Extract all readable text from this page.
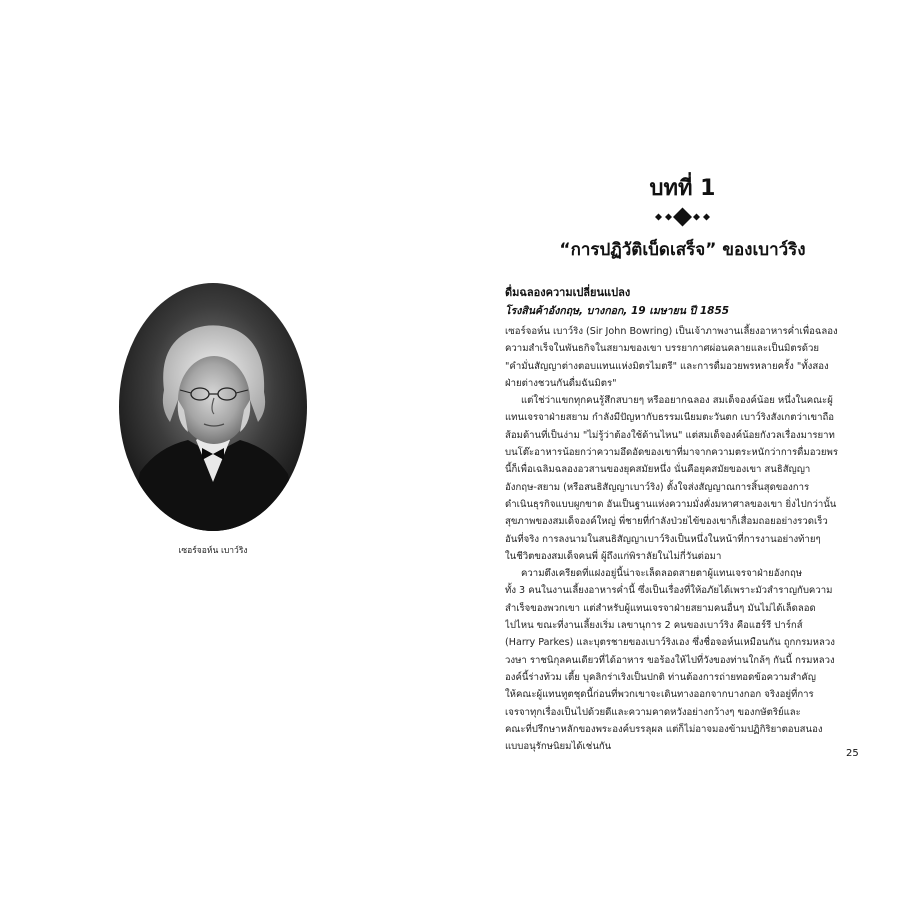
เซอร์จอห์น เบาว์ริง
บทที่ 1
“การปฏิวัติเบ็ดเสร็จ” ของเบาว์ริง
ดื่มฉลองความเปลี่ยนแปลง
โรงสินค้าอังกฤษ, บางกอก, 19 เมษายน ปี 1855
เซอร์จอห์น เบาว์ริง (Sir John Bowring) เป็นเจ้าภาพงานเลี้ยงอาหารค่ำเพื่อฉลอง
ความสำเร็จในพันธกิจในสยามของเขา บรรยากาศผ่อนคลายและเป็นมิตรด้วย
"คำมั่นสัญญาต่างตอบแทนแห่งมิตรไมตรี" และการดื่มอวยพรหลายครั้ง "ทั้งสอง
ฝ่ายต่างชวนกันดื่มฉันมิตร"
แต่ใช่ว่าแขกทุกคนรู้สึกสบายๆ หรืออยากฉลอง สมเด็จองค์น้อย หนึ่งในคณะผู้
แทนเจรจาฝ่ายสยาม กำลังมีปัญหากับธรรมเนียมตะวันตก เบาว์ริงสังเกตว่าเขาถือ
ส้อมด้านที่เป็นง่าม "ไม่รู้ว่าต้องใช้ด้านไหน" แต่สมเด็จองค์น้อยกังวลเรื่องมารยาท
บนโต๊ะอาหารน้อยกว่าความอึดอัดของเขาที่มาจากความตระหนักว่าการดื่มอวยพร
นี้ก็เพื่อเฉลิมฉลองอวสานของยุคสมัยหนึ่ง นั่นคือยุคสมัยของเขา สนธิสัญญา
อังกฤษ-สยาม (หรือสนธิสัญญาเบาว์ริง) ตั้งใจส่งสัญญาณการสิ้นสุดของการ
ดำเนินธุรกิจแบบผูกขาด อันเป็นฐานแห่งความมั่งคั่งมหาศาลของเขา ยิ่งไปกว่านั้น
สุขภาพของสมเด็จองค์ใหญ่ พี่ชายที่กำลังป่วยไข้ของเขาก็เสื่อมถอยอย่างรวดเร็ว
อันที่จริง การลงนามในสนธิสัญญาเบาว์ริงเป็นหนึ่งในหน้าที่การงานอย่างท้ายๆ
ในชีวิตของสมเด็จคนพี่ ผู้ถึงแก่พิราลัยในไม่กี่วันต่อมา
ความตึงเครียดที่แฝงอยู่นี้น่าจะเล็ดลอดสายตาผู้แทนเจรจาฝ่ายอังกฤษ
ทั้ง 3 คนในงานเลี้ยงอาหารค่ำนี้ ซึ่งเป็นเรื่องที่ให้อภัยได้เพราะมัวสำราญกับความ
สำเร็จของพวกเขา แต่สำหรับผู้แทนเจรจาฝ่ายสยามคนอื่นๆ มันไม่ได้เล็ดลอด
ไปไหน ขณะที่งานเลี้ยงเริ่ม เลขานุการ 2 คนของเบาว์ริง คือแฮร์รี ปาร์กส์
(Harry Parkes) และบุตรชายของเบาว์ริงเอง ซึ่งชื่อจอห์นเหมือนกัน ถูกกรมหลวง
วงษา ราชนิกุลคนเดียวที่ได้อาหาร ขอร้องให้ไปที่วังของท่านใกล้ๆ กันนี้ กรมหลวง
องค์นี้ร่างท้วม เตี้ย บุคลิกร่าเริงเป็นปกติ ท่านต้องการถ่ายทอดข้อความสำคัญ
ให้คณะผู้แทนทูตชุดนี้ก่อนที่พวกเขาจะเดินทางออกจากบางกอก จริงอยู่ที่การ
เจรจาทุกเรื่องเป็นไปด้วยดีและความคาดหวังอย่างกว้างๆ ของกษัตริย์และ
คณะที่ปรึกษาหลักของพระองค์บรรลุผล แต่ก็ไม่อาจมองข้ามปฏิกิริยาตอบสนอง
แบบอนุรักษนิยมได้เช่นกัน
25
